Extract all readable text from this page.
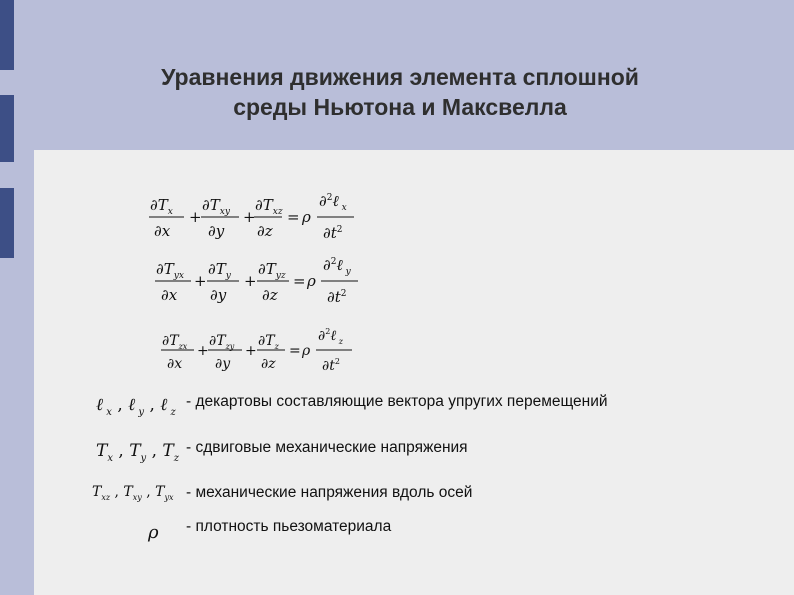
Уравнения движения элемента сплошной
среды Ньютона и Максвелла
$\partial T_x$
∂x
+
$\partial T_{xy}$
∂y
+
$\partial T_{xz}$
∂z
= ρ
∂$^2$ℓ $_x$
$\partial t^2$
$\partial T_{yx}$
∂x
+
$\partial T_y$
∂y
+
$\partial T_{yz}$
∂z
= ρ
∂$^2$ℓ $_y$
$\partial t^2$
$\partial T_{zx}$
∂x
+
$\partial T_{zy}$
∂y
+
$\partial T_z$
∂z
= ρ
∂$^2$ℓ $_z$
$\partial t^2$
ℓ $_x$ , ℓ $_y$ , ℓ $_z$
$T_x$ , $T_y$ , $T_z$
$T_{xz}$ , $T_{xy}$ , $T_{yx}$
ρ
- декартовы составляющие вектора упругих перемещений
- сдвиговые механические напряжения
- механические напряжения вдоль осей
- плотность пьезоматериала
